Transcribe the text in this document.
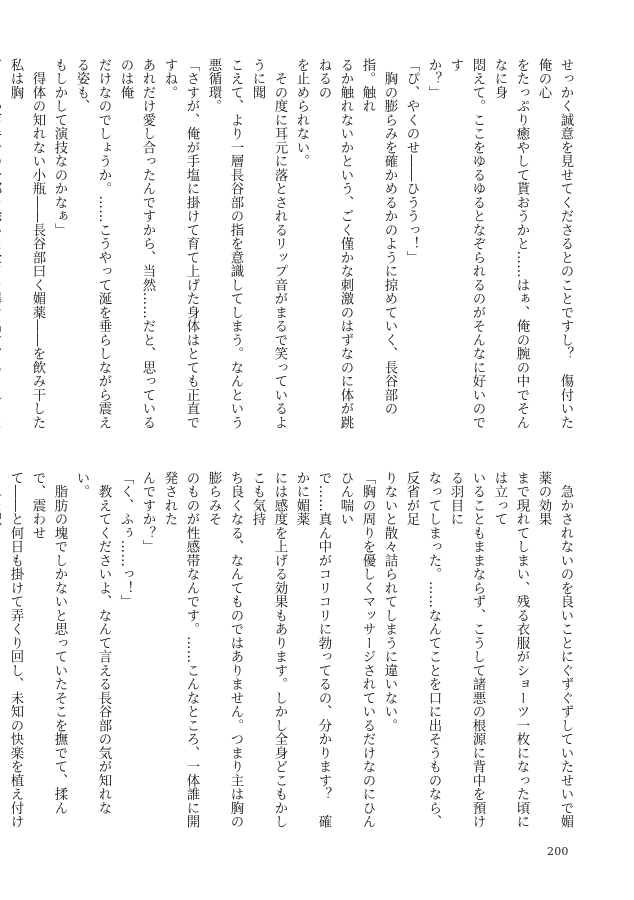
せっかく誠意を見せてくださるとのことですし？　傷付いた俺の心
をたっぷり癒やして貰おうかと……はぁ、俺の腕の中でそんなに身
悶えて。ここをゆるゆるとなぞられるのがそんなに好いのです
か？」
「ぴ、やくのせ――ひううっ！」
　胸の膨らみを確かめるかのように掠めていく、長谷部の指。触れ
るか触れないかという、ごく僅かな刺激のはずなのに体が跳ねるの
を止められない。
　その度に耳元に落とされるリップ音がまるで笑っているように聞
こえて、より一層長谷部の指を意識してしまう。なんという悪循環。
「さすが、俺が手塩に掛けて育て上げた身体はとても正直ですね。
あれだけ愛し合ったんですから、当然……だと、思っているのは俺
だけなのでしょうか。……こうやって涎を垂らしながら震える姿も、
もしかして演技なのかなぁ」
　得体の知れない小瓶――長谷部曰く媚薬――を飲み干した私は胸
　急かされないのを良いことにぐずぐずしていたせいで媚薬の効果
まで現れてしまい、残る衣服がショーツ一枚になった頃には立って
いることもままならず、こうして諸悪の根源に背中を預ける羽目に
なってしまった。……なんてことを口に出そうものなら、反省が足
りないと散々詰られてしまうに違いない。
「胸の周りを優しくマッサージされているだけなのにひんひん喘い
で……真ん中がコリコリに勃ってるの、分かります？　確かに媚薬
には感度を上げる効果もあります。しかし全身どこもかしこも気持
ち良くなる、なんてものではありません。つまり主は胸の膨らみそ
のものが性感帯なんです。……こんなところ、一体誰に開発された
んですか？」
「く、ふぅ……っ！」
　教えてくださいよ、なんて言える長谷部の気が知れない。
　脂肪の塊でしかないと思っていたそこを撫でて、揉んで、震わせ
て――と何日も掛けて弄くり回し、未知の快楽を植え付け
200
